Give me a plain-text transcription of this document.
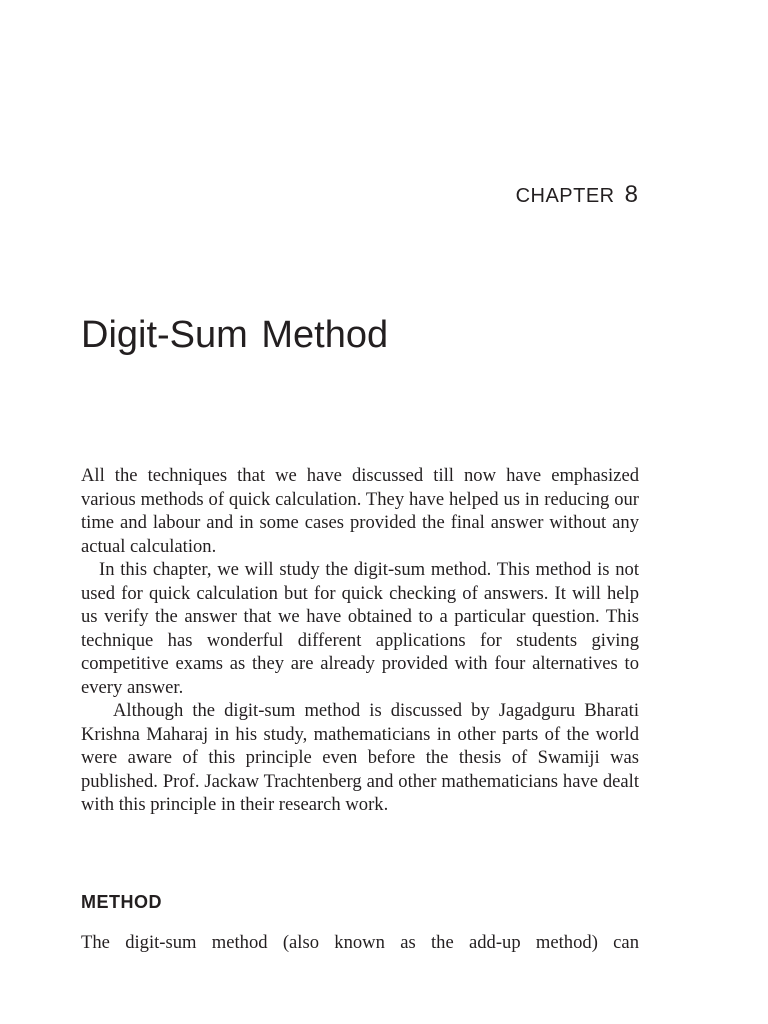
CHAPTER 8
Digit-Sum Method

All the techniques that we have discussed till now have emphasized various methods of quick calculation. They have helped us in reducing our time and labour and in some cases provided the final answer without any actual calculation.

In this chapter, we will study the digit-sum method. This method is not used for quick calculation but for quick checking of answers. It will help us verify the answer that we have obtained to a particular question. This technique has wonderful different applications for students giving competitive exams as they are already provided with four alternatives to every answer.

Although the digit-sum method is discussed by Jagadguru Bharati Krishna Maharaj in his study, mathematicians in other parts of the world were aware of this principle even before the thesis of Swamiji was published. Prof. Jackaw Trachtenberg and other mathematicians have dealt with this principle in their research work.

METHOD

The digit-sum method (also known as the add-up method) can
